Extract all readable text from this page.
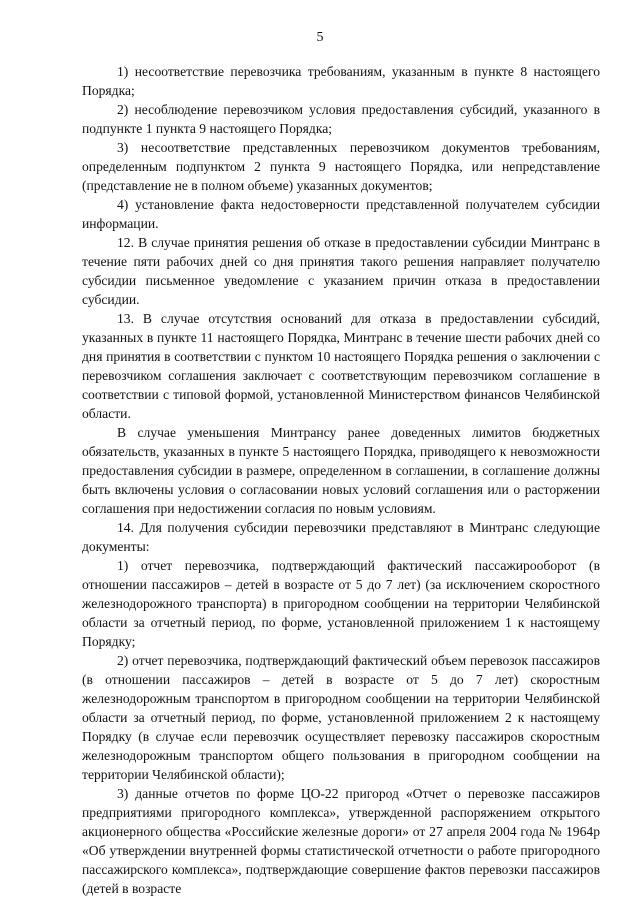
5

1) несоответствие перевозчика требованиям, указанным в пункте 8 настоящего Порядка;

2) несоблюдение перевозчиком условия предоставления субсидий, указанного в подпункте 1 пункта 9 настоящего Порядка;

3) несоответствие представленных перевозчиком документов требованиям, определенным подпунктом 2 пункта 9 настоящего Порядка, или непредставление (представление не в полном объеме) указанных документов;

4) установление факта недостоверности представленной получателем субсидии информации.

12. В случае принятия решения об отказе в предоставлении субсидии Минтранс в течение пяти рабочих дней со дня принятия такого решения направляет получателю субсидии письменное уведомление с указанием причин отказа в предоставлении субсидии.

13. В случае отсутствия оснований для отказа в предоставлении субсидий, указанных в пункте 11 настоящего Порядка, Минтранс в течение шести рабочих дней со дня принятия в соответствии с пунктом 10 настоящего Порядка решения о заключении с перевозчиком соглашения заключает с соответствующим перевозчиком соглашение в соответствии с типовой формой, установленной Министерством финансов Челябинской области.

В случае уменьшения Минтрансу ранее доведенных лимитов бюджетных обязательств, указанных в пункте 5 настоящего Порядка, приводящего к невозможности предоставления субсидии в размере, определенном в соглашении, в соглашение должны быть включены условия о согласовании новых условий соглашения или о расторжении соглашения при недостижении согласия по новым условиям.

14. Для получения субсидии перевозчики представляют в Минтранс следующие документы:

1) отчет перевозчика, подтверждающий фактический пассажирооборот (в отношении пассажиров – детей в возрасте от 5 до 7 лет) (за исключением скоростного железнодорожного транспорта) в пригородном сообщении на территории Челябинской области за отчетный период, по форме, установленной приложением 1 к настоящему Порядку;

2) отчет перевозчика, подтверждающий фактический объем перевозок пассажиров (в отношении пассажиров – детей в возрасте от 5 до 7 лет) скоростным железнодорожным транспортом в пригородном сообщении на территории Челябинской области за отчетный период, по форме, установленной приложением 2 к настоящему Порядку (в случае если перевозчик осуществляет перевозку пассажиров скоростным железнодорожным транспортом общего пользования в пригородном сообщении на территории Челябинской области);

3) данные отчетов по форме ЦО-22 пригород «Отчет о перевозке пассажиров предприятиями пригородного комплекса», утвержденной распоряжением открытого акционерного общества «Российские железные дороги» от 27 апреля 2004 года № 1964р «Об утверждении внутренней формы статистической отчетности о работе пригородного пассажирского комплекса», подтверждающие совершение фактов перевозки пассажиров (детей в возрасте
